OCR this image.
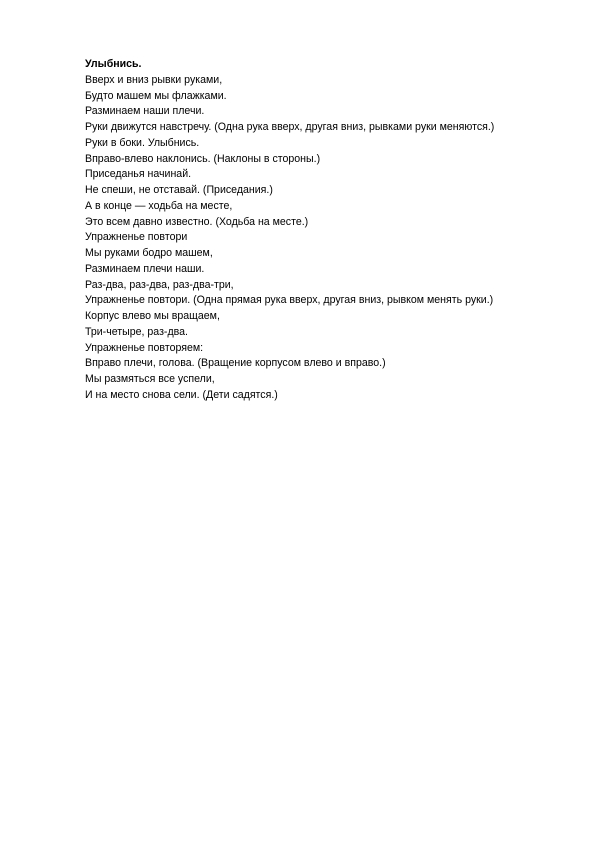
Улыбнись.

Вверх и вниз рывки руками,

Будто машем мы флажками.

Разминаем наши плечи.

Руки движутся навстречу. (Одна рука вверх, другая вниз, рывками руки меняются.)

Руки в боки. Улыбнись.

Вправо-влево наклонись. (Наклоны в стороны.)

Приседанья начинай.

Не спеши, не отставай. (Приседания.)

А в конце — ходьба на месте,

Это всем давно известно. (Ходьба на месте.)

Упражненье повтори

Мы руками бодро машем,

Разминаем плечи наши.

Раз-два, раз-два, раз-два-три,

Упражненье повтори. (Одна прямая рука вверх, другая вниз, рывком менять руки.)

Корпус влево мы вращаем,

Три-четыре, раз-два.

Упражненье повторяем:

Вправо плечи, голова. (Вращение корпусом влево и вправо.)

Мы размяться все успели,

И на место снова сели. (Дети садятся.)
